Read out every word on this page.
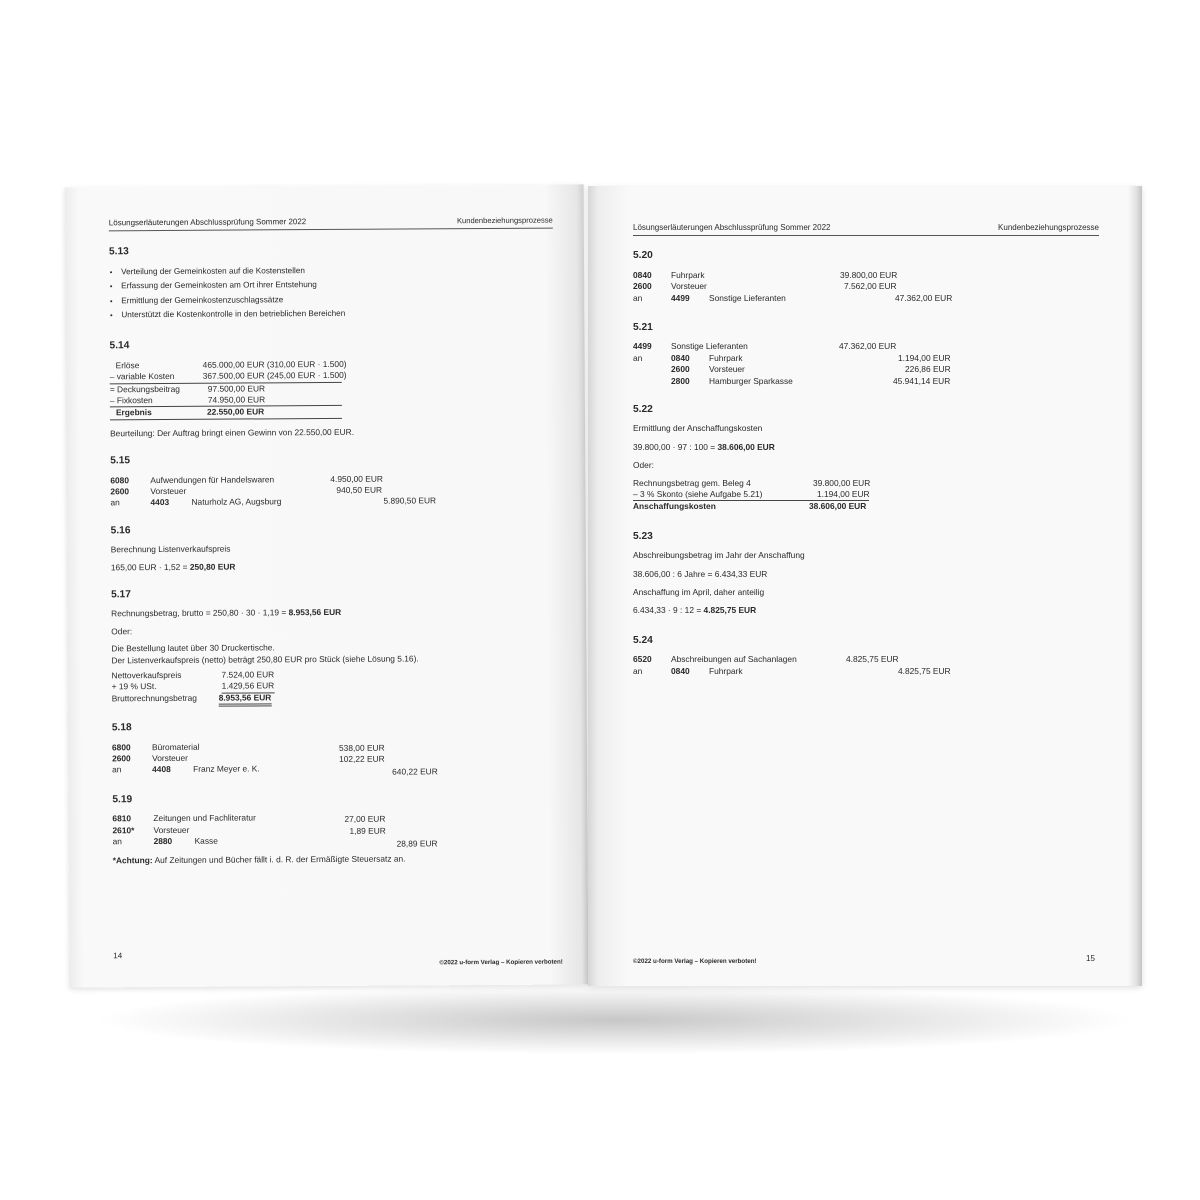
Lösungserläuterungen Abschlussprüfung Sommer 2022	Kundenbeziehungsprozesse
5.13
• Verteilung der Gemeinkosten auf die Kostenstellen
• Erfassung der Gemeinkosten am Ort ihrer Entstehung
• Ermittlung der Gemeinkostenzuschlagssätze
• Unterstützt die Kostenkontrolle in den betrieblichen Bereichen
5.14
Erlöse	465.000,00 EUR (310,00 EUR · 1.500)
– variable Kosten	367.500,00 EUR (245,00 EUR · 1.500)
= Deckungsbeitrag	97.500,00 EUR
– Fixkosten	74.950,00 EUR
Ergebnis	22.550,00 EUR
Beurteilung: Der Auftrag bringt einen Gewinn von 22.550,00 EUR.
5.15
6080	Aufwendungen für Handelswaren	4.950,00 EUR
2600	Vorsteuer	940,50 EUR
an	4403	Naturholz AG, Augsburg	5.890,50 EUR
5.16
Berechnung Listenverkaufspreis
165,00 EUR · 1,52 = 250,80 EUR
5.17
Rechnungsbetrag, brutto = 250,80 · 30 · 1,19 = 8.953,56 EUR
Oder:
Die Bestellung lautet über 30 Druckertische.
Der Listenverkaufspreis (netto) beträgt 250,80 EUR pro Stück (siehe Lösung 5.16).
Nettoverkaufspreis	7.524,00 EUR
+ 19 % USt.	1.429,56 EUR
Bruttorechnungsbetrag	8.953,56 EUR
5.18
6800	Büromaterial	538,00 EUR
2600	Vorsteuer	102,22 EUR
an	4408	Franz Meyer e. K.	640,22 EUR
5.19
6810	Zeitungen und Fachliteratur	27,00 EUR
2610* Vorsteuer	1,89 EUR
an	2880	Kasse	28,89 EUR
*Achtung: Auf Zeitungen und Bücher fällt i. d. R. der Ermäßigte Steuersatz an.
14
©2022 u-form Verlag – Kopieren verboten!
Lösungserläuterungen Abschlussprüfung Sommer 2022	Kundenbeziehungsprozesse
5.20
0840 Fuhrpark	39.800,00 EUR
2600 Vorsteuer	7.562,00 EUR
an	4499 Sonstige Lieferanten	47.362,00 EUR
5.21
4499 Sonstige Lieferanten	47.362,00 EUR
an	0840 Fuhrpark	1.194,00 EUR
2600 Vorsteuer	226,86 EUR
2800 Hamburger Sparkasse	45.941,14 EUR
5.22
Ermittlung der Anschaffungskosten
39.800,00 · 97 : 100 = 38.606,00 EUR
Oder:
Rechnungsbetrag gem. Beleg 4	39.800,00 EUR
– 3 % Skonto (siehe Aufgabe 5.21)	1.194,00 EUR
Anschaffungskosten	38.606,00 EUR
5.23
Abschreibungsbetrag im Jahr der Anschaffung
38.606,00 : 6 Jahre = 6.434,33 EUR
Anschaffung im April, daher anteilig
6.434,33 · 9 : 12 = 4.825,75 EUR
5.24
6520 Abschreibungen auf Sachanlagen	4.825,75 EUR
an	0840 Fuhrpark	4.825,75 EUR
©2022 u-form Verlag – Kopieren verboten!	15
